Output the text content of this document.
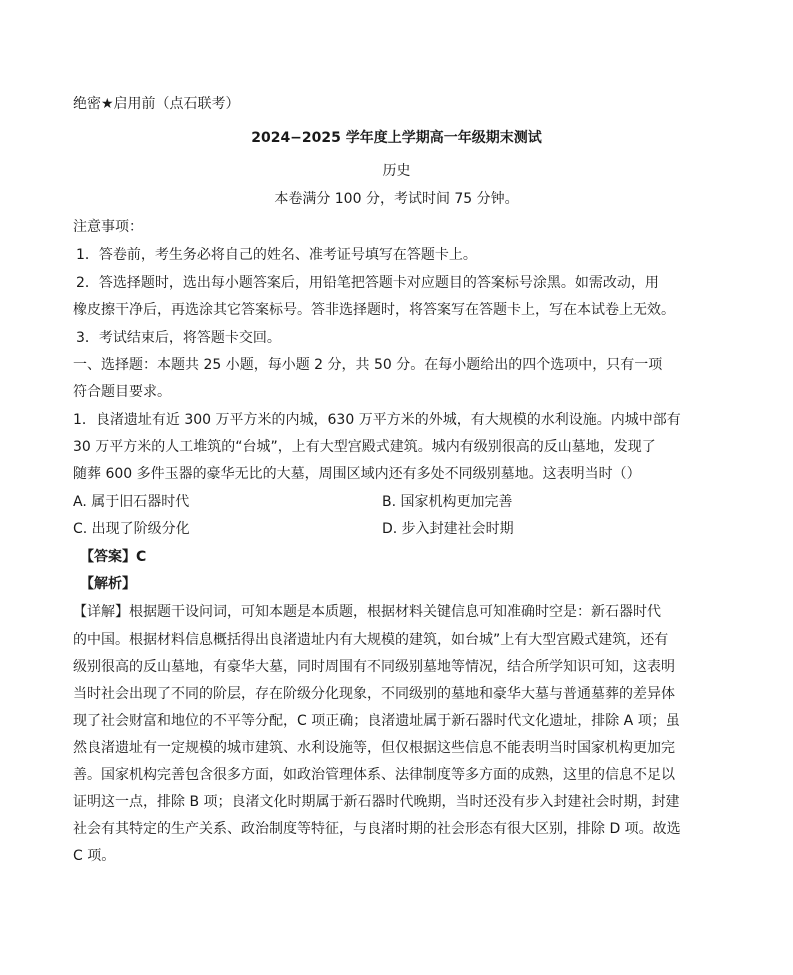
绝密★启用前（点石联考）
2024−2025 学年度上学期高一年级期末测试
历史
本卷满分 100 分，考试时间 75 分钟。
注意事项：
1．答卷前，考生务必将自己的姓名、准考证号填写在答题卡上。
2．答选择题时，选出每小题答案后，用铅笔把答题卡对应题目的答案标号涂黑。如需改动，用
橡皮擦干净后，再选涂其它答案标号。答非选择题时，将答案写在答题卡上，写在本试卷上无效。
3．考试结束后，将答题卡交回。
一、选择题：本题共 25 小题，每小题 2 分，共 50 分。在每小题给出的四个选项中，只有一项
符合题目要求。
1．良渚遗址有近 300 万平方米的内城，630 万平方米的外城，有大规模的水利设施。内城中部有
30 万平方米的人工堆筑的“台城”，上有大型宫殿式建筑。城内有级别很高的反山墓地，发现了
随葬 600 多件玉器的豪华无比的大墓，周围区域内还有多处不同级别墓地。这表明当时（）
A. 属于旧石器时代	B. 国家机构更加完善
C. 出现了阶级分化	D. 步入封建社会时期
【答案】C
【解析】
【详解】根据题干设问词，可知本题是本质题，根据材料关键信息可知准确时空是：新石器时代
的中国。根据材料信息概括得出良渚遗址内有大规模的建筑，如台城”上有大型宫殿式建筑，还有
级别很高的反山墓地，有豪华大墓，同时周围有不同级别墓地等情况，结合所学知识可知，这表明
当时社会出现了不同的阶层，存在阶级分化现象，不同级别的墓地和豪华大墓与普通墓葬的差异体
现了社会财富和地位的不平等分配，C 项正确；良渚遗址属于新石器时代文化遗址，排除 A 项；虽
然良渚遗址有一定规模的城市建筑、水利设施等，但仅根据这些信息不能表明当时国家机构更加完
善。国家机构完善包含很多方面，如政治管理体系、法律制度等多方面的成熟，这里的信息不足以
证明这一点，排除 B 项；良渚文化时期属于新石器时代晚期，当时还没有步入封建社会时期，封建
社会有其特定的生产关系、政治制度等特征，与良渚时期的社会形态有很大区别，排除 D 项。故选
C 项。
